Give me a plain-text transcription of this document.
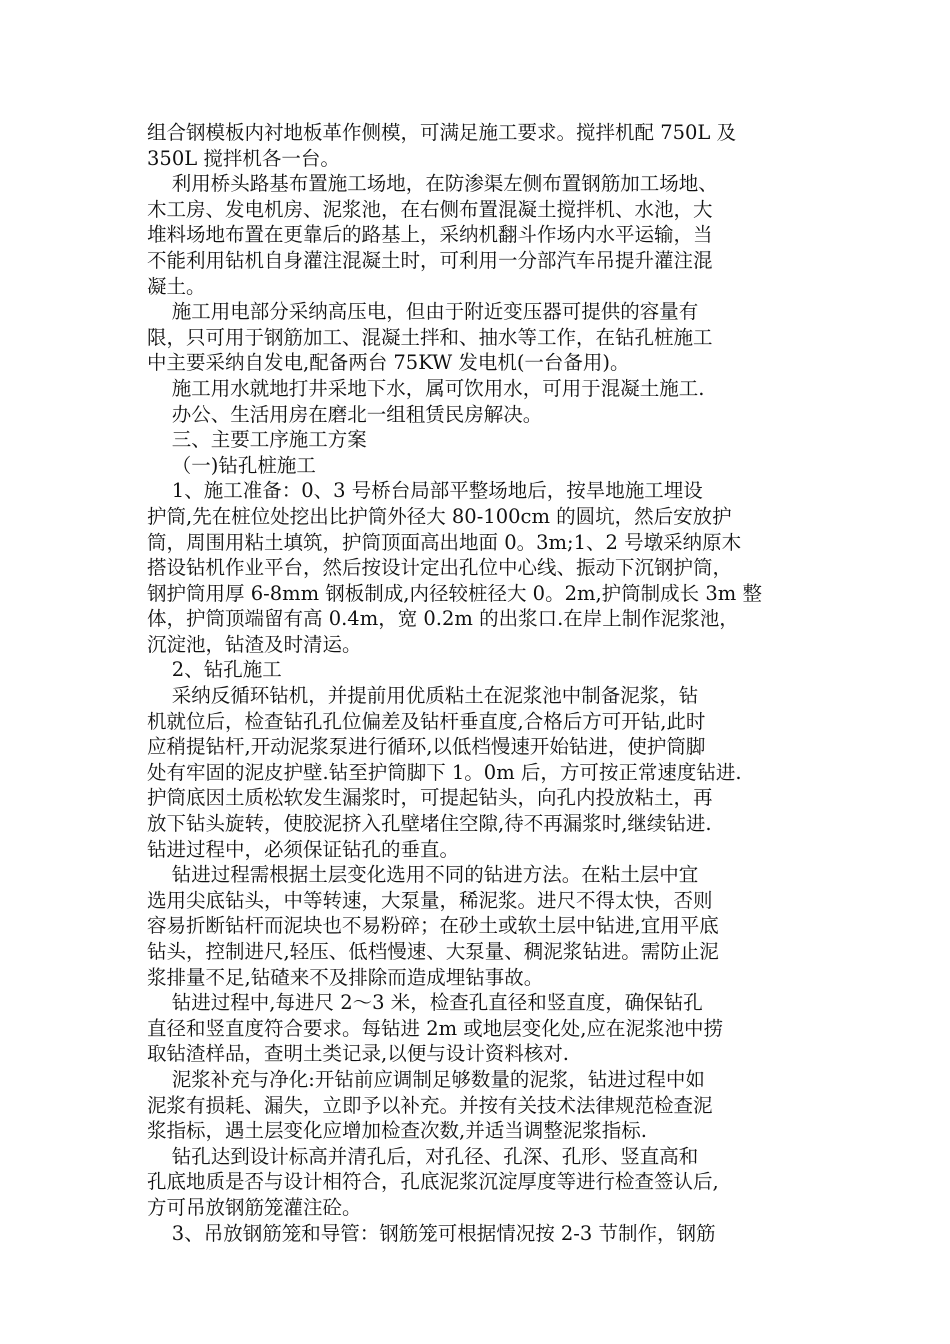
组合钢模板内衬地板革作侧模，可满足施工要求。搅拌机配 750L 及
350L 搅拌机各一台。
利用桥头路基布置施工场地，在防渗渠左侧布置钢筋加工场地、
木工房、发电机房、泥浆池，在右侧布置混凝土搅拌机、水池，大
堆料场地布置在更靠后的路基上，采纳机翻斗作场内水平运输，当
不能利用钻机自身灌注混凝土时，可利用一分部汽车吊提升灌注混
凝土。
施工用电部分采纳高压电，但由于附近变压器可提供的容量有
限，只可用于钢筋加工、混凝土拌和、抽水等工作，在钻孔桩施工
中主要采纳自发电,配备两台 75KW 发电机(一台备用)。
施工用水就地打井采地下水，属可饮用水，可用于混凝土施工.
办公、生活用房在磨北一组租赁民房解决。
三、主要工序施工方案
（一)钻孔桩施工
1、施工准备：0、3 号桥台局部平整场地后，按旱地施工埋设
护筒,先在桩位处挖出比护筒外径大 80-100cm 的圆坑，然后安放护
筒，周围用粘土填筑，护筒顶面高出地面 0。3m;1、2 号墩采纳原木
搭设钻机作业平台，然后按设计定出孔位中心线、振动下沉钢护筒，
钢护筒用厚 6-8mm 钢板制成,内径较桩径大 0。2m,护筒制成长 3m 整
体，护筒顶端留有高 0.4m，宽 0.2m 的出浆口.在岸上制作泥浆池，
沉淀池，钻渣及时清运。
2、钻孔施工
采纳反循环钻机，并提前用优质粘土在泥浆池中制备泥浆，钻
机就位后，检查钻孔孔位偏差及钻杆垂直度,合格后方可开钻,此时
应稍提钻杆,开动泥浆泵进行循环,以低档慢速开始钻进，使护筒脚
处有牢固的泥皮护壁.钻至护筒脚下 1。0m 后，方可按正常速度钻进.
护筒底因土质松软发生漏浆时，可提起钻头，向孔内投放粘土，再
放下钻头旋转，使胶泥挤入孔壁堵住空隙,待不再漏浆时,继续钻进.
钻进过程中，必须保证钻孔的垂直。
钻进过程需根据土层变化选用不同的钻进方法。在粘土层中宜
选用尖底钻头，中等转速，大泵量，稀泥浆。进尺不得太快，否则
容易折断钻杆而泥块也不易粉碎；在砂土或软土层中钻进,宜用平底
钻头，控制进尺,轻压、低档慢速、大泵量、稠泥浆钻进。需防止泥
浆排量不足,钻碴来不及排除而造成埋钻事故。
钻进过程中,每进尺 2～3 米，检查孔直径和竖直度，确保钻孔
直径和竖直度符合要求。每钻进 2m 或地层变化处,应在泥浆池中捞
取钻渣样品，查明土类记录,以便与设计资料核对.
泥浆补充与净化:开钻前应调制足够数量的泥浆，钻进过程中如
泥浆有损耗、漏失，立即予以补充。并按有关技术法律规范检查泥
浆指标，遇土层变化应增加检查次数,并适当调整泥浆指标.
钻孔达到设计标高并清孔后，对孔径、孔深、孔形、竖直高和
孔底地质是否与设计相符合，孔底泥浆沉淀厚度等进行检查签认后,
方可吊放钢筋笼灌注砼。
3、吊放钢筋笼和导管：钢筋笼可根据情况按 2-3 节制作，钢筋
